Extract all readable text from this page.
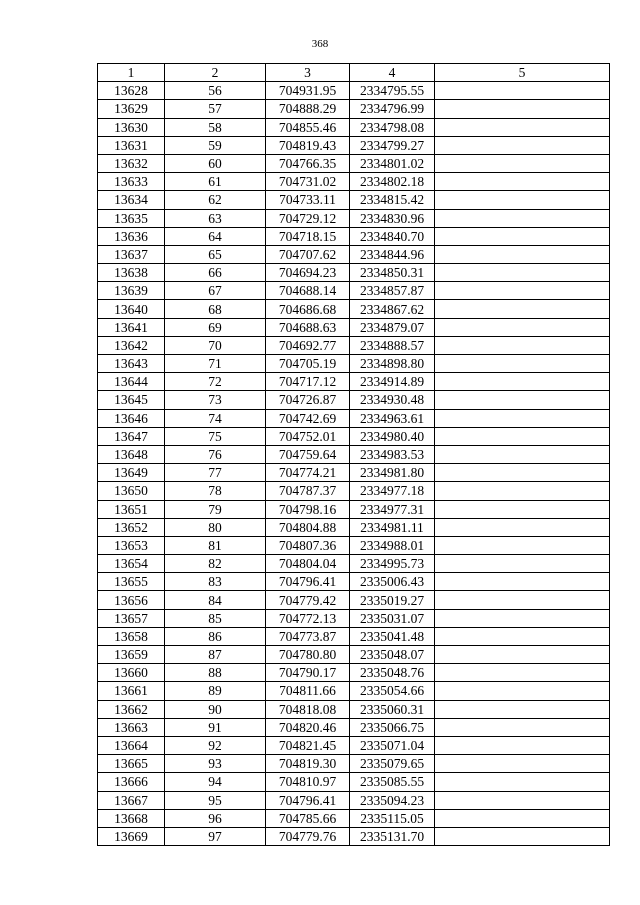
368
1	2	3	4	5
13628	56	704931.95	2334795.55	
13629	57	704888.29	2334796.99	
13630	58	704855.46	2334798.08	
13631	59	704819.43	2334799.27	
13632	60	704766.35	2334801.02	
13633	61	704731.02	2334802.18	
13634	62	704733.11	2334815.42	
13635	63	704729.12	2334830.96	
13636	64	704718.15	2334840.70	
13637	65	704707.62	2334844.96	
13638	66	704694.23	2334850.31	
13639	67	704688.14	2334857.87	
13640	68	704686.68	2334867.62	
13641	69	704688.63	2334879.07	
13642	70	704692.77	2334888.57	
13643	71	704705.19	2334898.80	
13644	72	704717.12	2334914.89	
13645	73	704726.87	2334930.48	
13646	74	704742.69	2334963.61	
13647	75	704752.01	2334980.40	
13648	76	704759.64	2334983.53	
13649	77	704774.21	2334981.80	
13650	78	704787.37	2334977.18	
13651	79	704798.16	2334977.31	
13652	80	704804.88	2334981.11	
13653	81	704807.36	2334988.01	
13654	82	704804.04	2334995.73	
13655	83	704796.41	2335006.43	
13656	84	704779.42	2335019.27	
13657	85	704772.13	2335031.07	
13658	86	704773.87	2335041.48	
13659	87	704780.80	2335048.07	
13660	88	704790.17	2335048.76	
13661	89	704811.66	2335054.66	
13662	90	704818.08	2335060.31	
13663	91	704820.46	2335066.75	
13664	92	704821.45	2335071.04	
13665	93	704819.30	2335079.65	
13666	94	704810.97	2335085.55	
13667	95	704796.41	2335094.23	
13668	96	704785.66	2335115.05	
13669	97	704779.76	2335131.70	
